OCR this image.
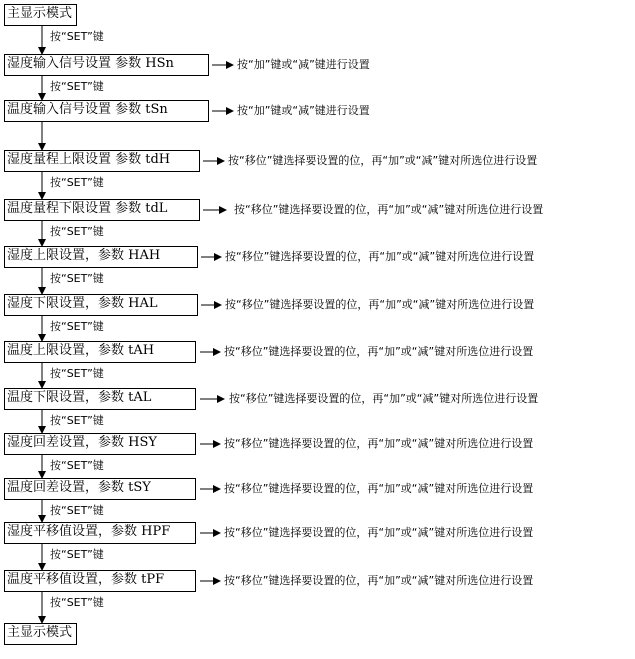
主显示模式
按“SET”键
湿度输入信号设置 参数 HSn	按“加”键或“减”键进行设置
按“SET”键
温度输入信号设置 参数 tSn	按“加”键或“减”键进行设置
湿度量程上限设置 参数 tdH	按“移位”键选择要设置的位，再“加”或“减”键对所选位进行设置
按“SET”键
温度量程下限设置 参数 tdL	按“移位”键选择要设置的位，再“加”或“减”键对所选位进行设置
按“SET”键
湿度上限设置，参数 HAH	按“移位”键选择要设置的位，再“加”或“减”键对所选位进行设置
按“SET”键
湿度下限设置，参数 HAL	按“移位”键选择要设置的位，再“加”或“减”键对所选位进行设置
按“SET”键
温度上限设置，参数 tAH	按“移位”键选择要设置的位，再“加”或“减”键对所选位进行设置
按“SET”键
温度下限设置，参数 tAL	按“移位”键选择要设置的位，再“加”或“减”键对所选位进行设置
按“SET”键
湿度回差设置，参数 HSY	按“移位”键选择要设置的位，再“加”或“减”键对所选位进行设置
按“SET”键
温度回差设置，参数 tSY	按“移位”键选择要设置的位，再“加”或“减”键对所选位进行设置
按“SET”键
湿度平移值设置，参数 HPF	按“移位”键选择要设置的位，再“加”或“减”键对所选位进行设置
按“SET”键
温度平移值设置，参数 tPF	按“移位”键选择要设置的位，再“加”或“减”键对所选位进行设置
按“SET”键
主显示模式
